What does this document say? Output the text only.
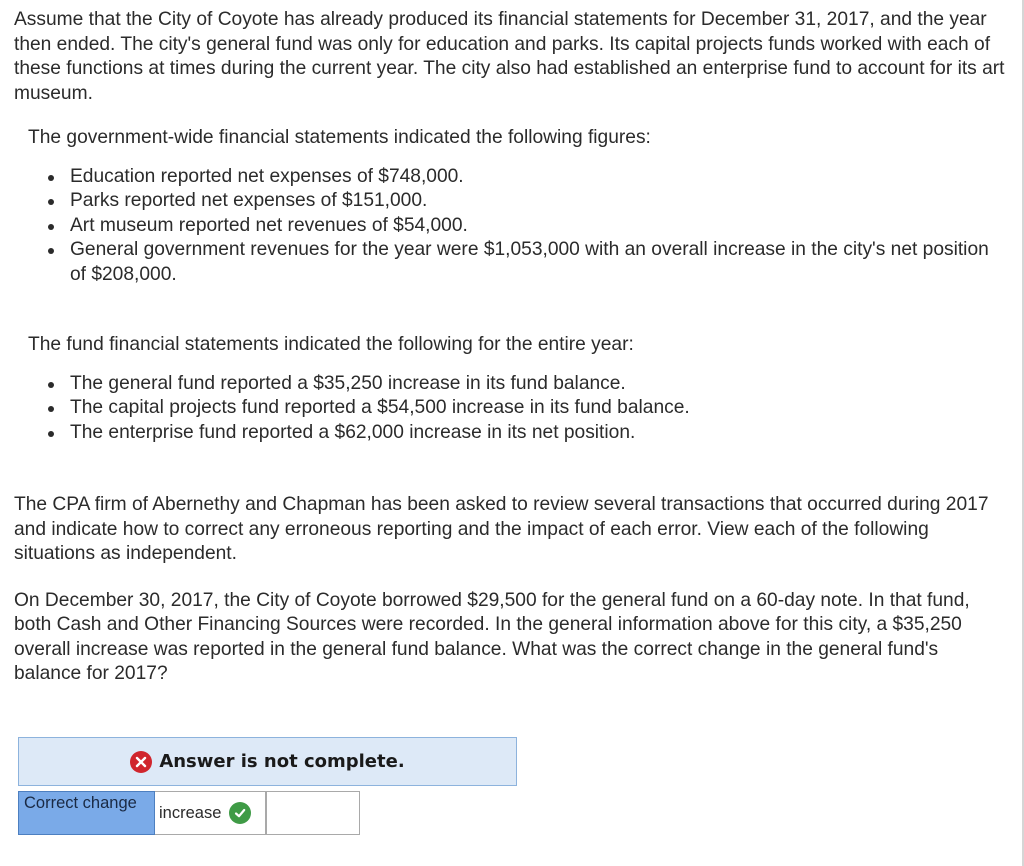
Assume that the City of Coyote has already produced its financial statements for December 31, 2017, and the year then ended. The city's general fund was only for education and parks. Its capital projects funds worked with each of these functions at times during the current year. The city also had established an enterprise fund to account for its art museum.

The government-wide financial statements indicated the following figures:

Education reported net expenses of $748,000.
Parks reported net expenses of $151,000.
Art museum reported net revenues of $54,000.
General government revenues for the year were $1,053,000 with an overall increase in the city's net position of $208,000.

The fund financial statements indicated the following for the entire year:

The general fund reported a $35,250 increase in its fund balance.
The capital projects fund reported a $54,500 increase in its fund balance.
The enterprise fund reported a $62,000 increase in its net position.

The CPA firm of Abernethy and Chapman has been asked to review several transactions that occurred during 2017 and indicate how to correct any erroneous reporting and the impact of each error. View each of the following situations as independent.

On December 30, 2017, the City of Coyote borrowed $29,500 for the general fund on a 60-day note. In that fund, both Cash and Other Financing Sources were recorded. In the general information above for this city, a $35,250 overall increase was reported in the general fund balance. What was the correct change in the general fund's balance for 2017?

Answer is not complete.
Correct change
increase
